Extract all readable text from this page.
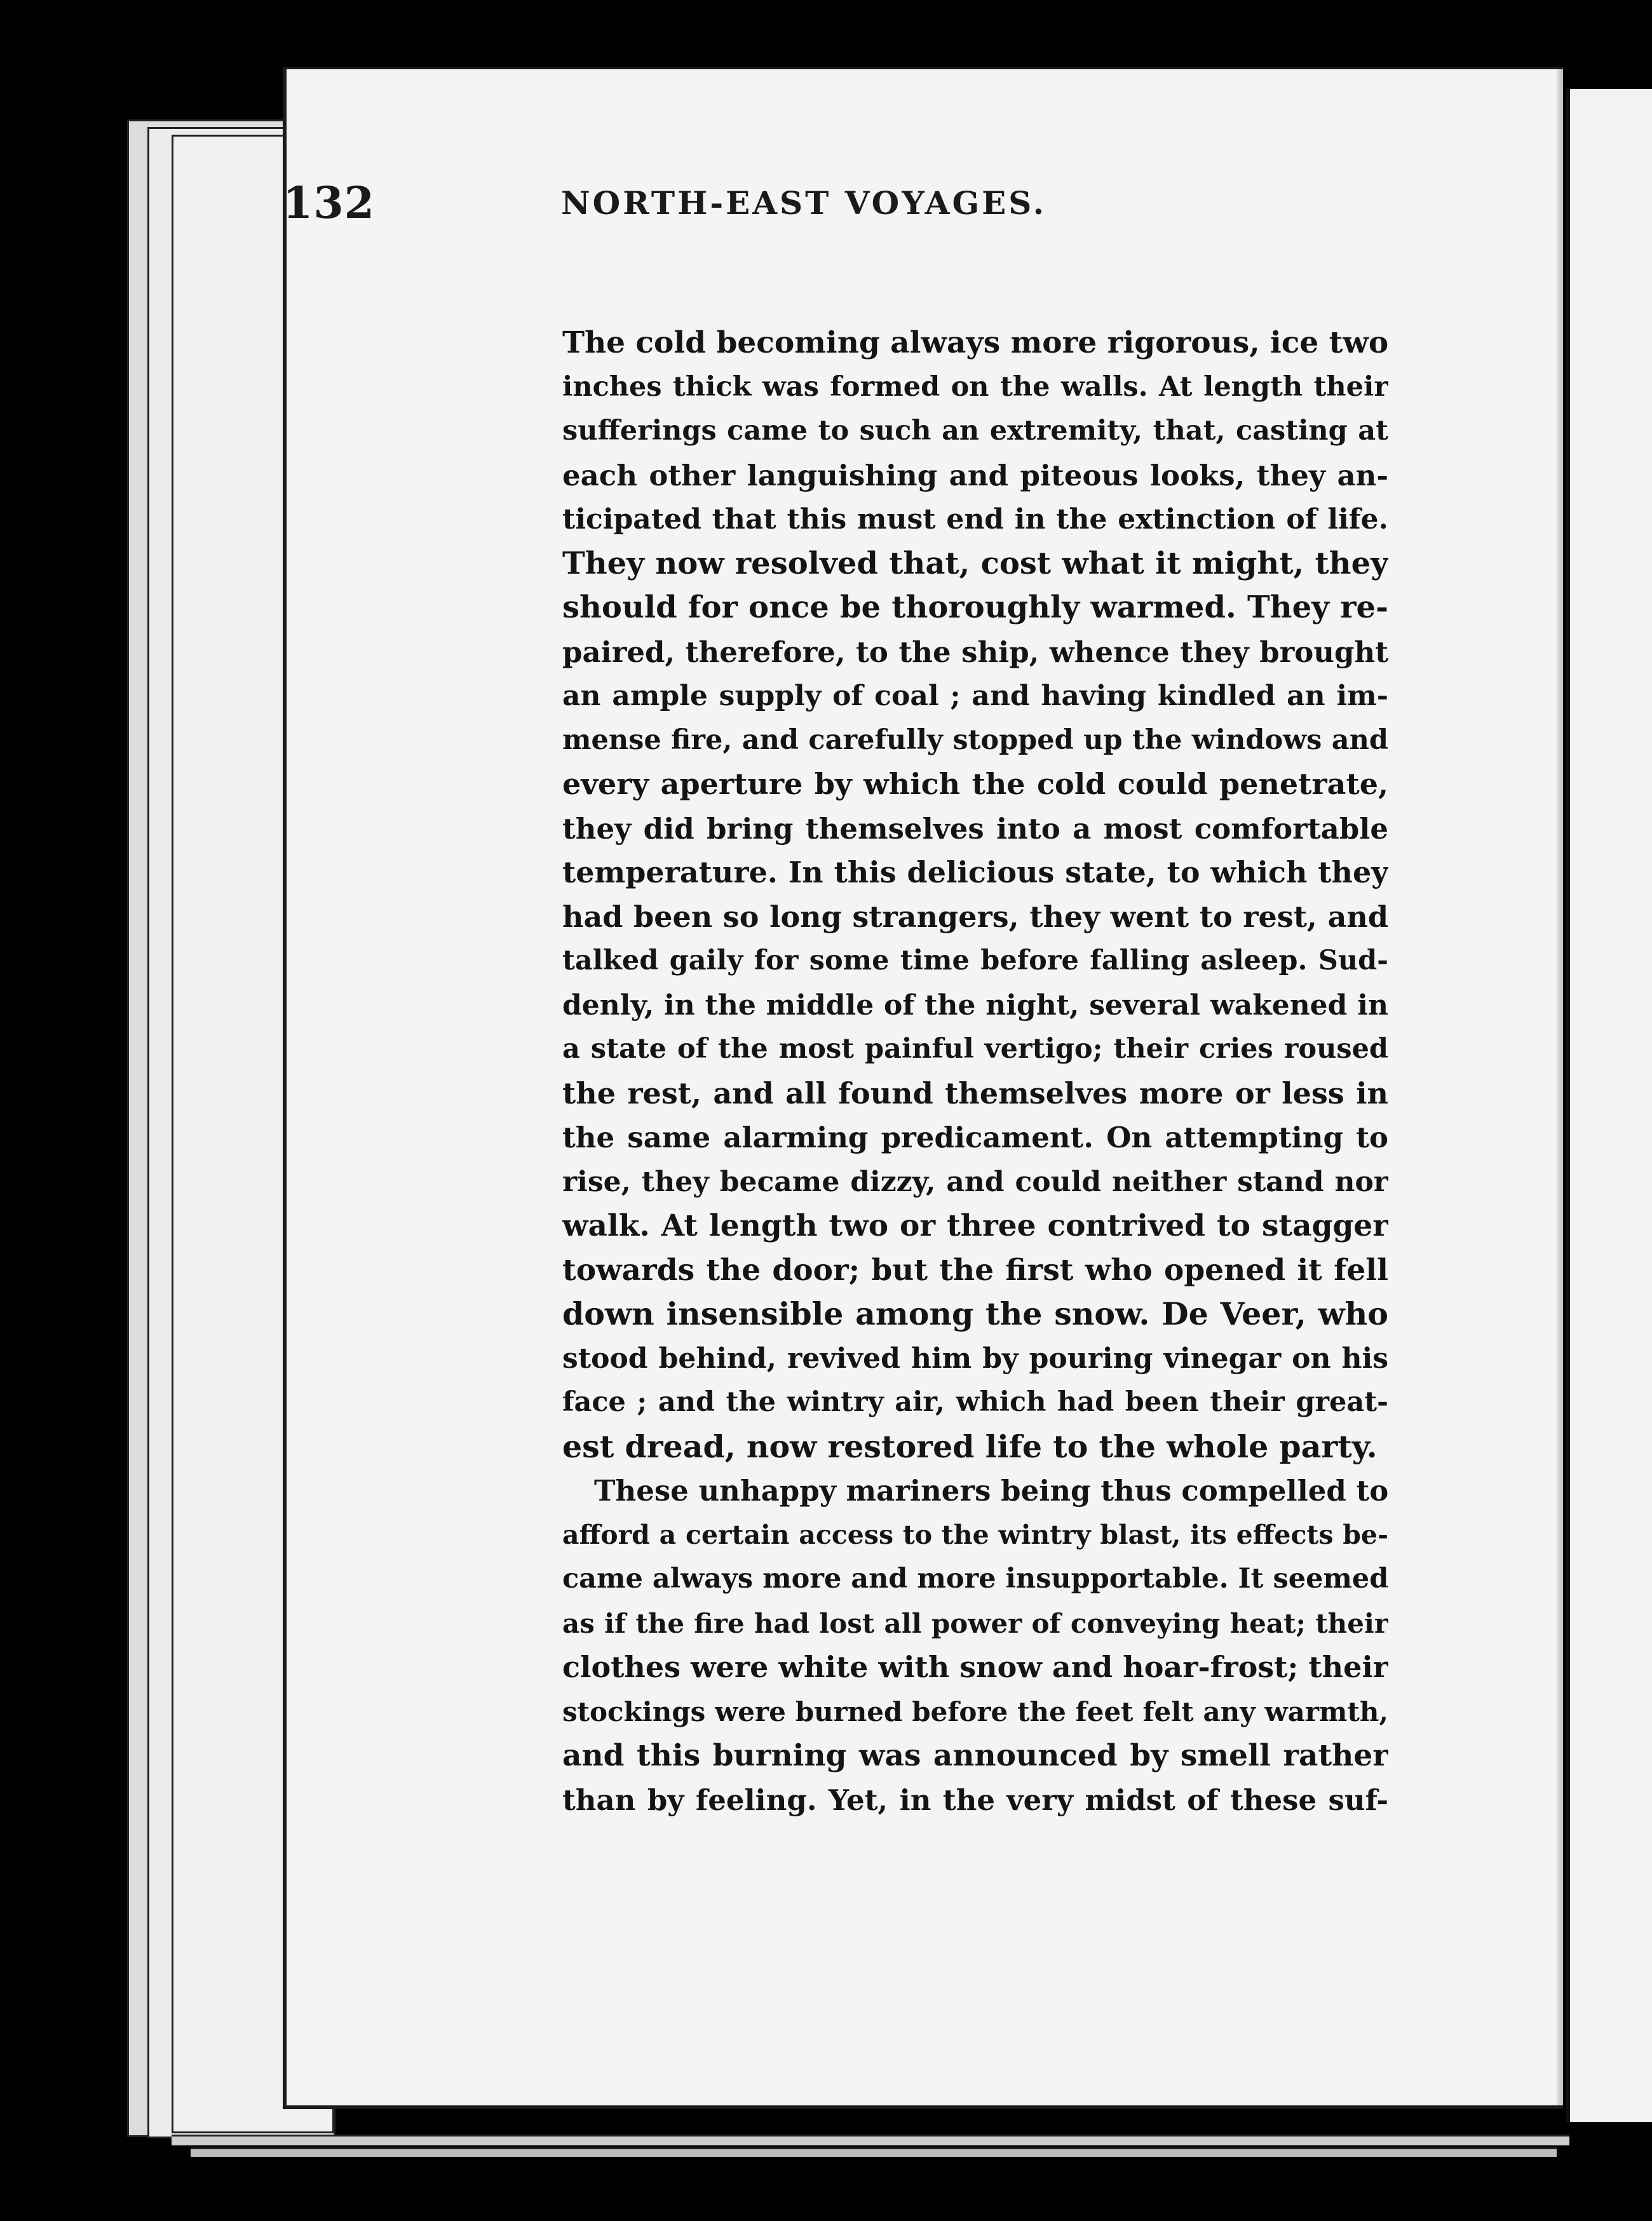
132	NORTH-EAST VOYAGES.
The cold becoming always more rigorous, ice two
inches thick was formed on the walls. At length their
sufferings came to such an extremity, that, casting at
each other languishing and piteous looks, they an-
ticipated that this must end in the extinction of life.
They now resolved that, cost what it might, they
should for once be thoroughly warmed. They re-
paired, therefore, to the ship, whence they brought
an ample supply of coal ; and having kindled an im-
mense fire, and carefully stopped up the windows and
every aperture by which the cold could penetrate,
they did bring themselves into a most comfortable
temperature. In this delicious state, to which they
had been so long strangers, they went to rest, and
talked gaily for some time before falling asleep. Sud-
denly, in the middle of the night, several wakened in
a state of the most painful vertigo; their cries roused
the rest, and all found themselves more or less in
the same alarming predicament. On attempting to
rise, they became dizzy, and could neither stand nor
walk. At length two or three contrived to stagger
towards the door; but the first who opened it fell
down insensible among the snow. De Veer, who
stood behind, revived him by pouring vinegar on his
face ; and the wintry air, which had been their great-
est dread, now restored life to the whole party.
These unhappy mariners being thus compelled to
afford a certain access to the wintry blast, its effects be-
came always more and more insupportable. It seemed
as if the fire had lost all power of conveying heat; their
clothes were white with snow and hoar-frost; their
stockings were burned before the feet felt any warmth,
and this burning was announced by smell rather
than by feeling. Yet, in the very midst of these suf-
